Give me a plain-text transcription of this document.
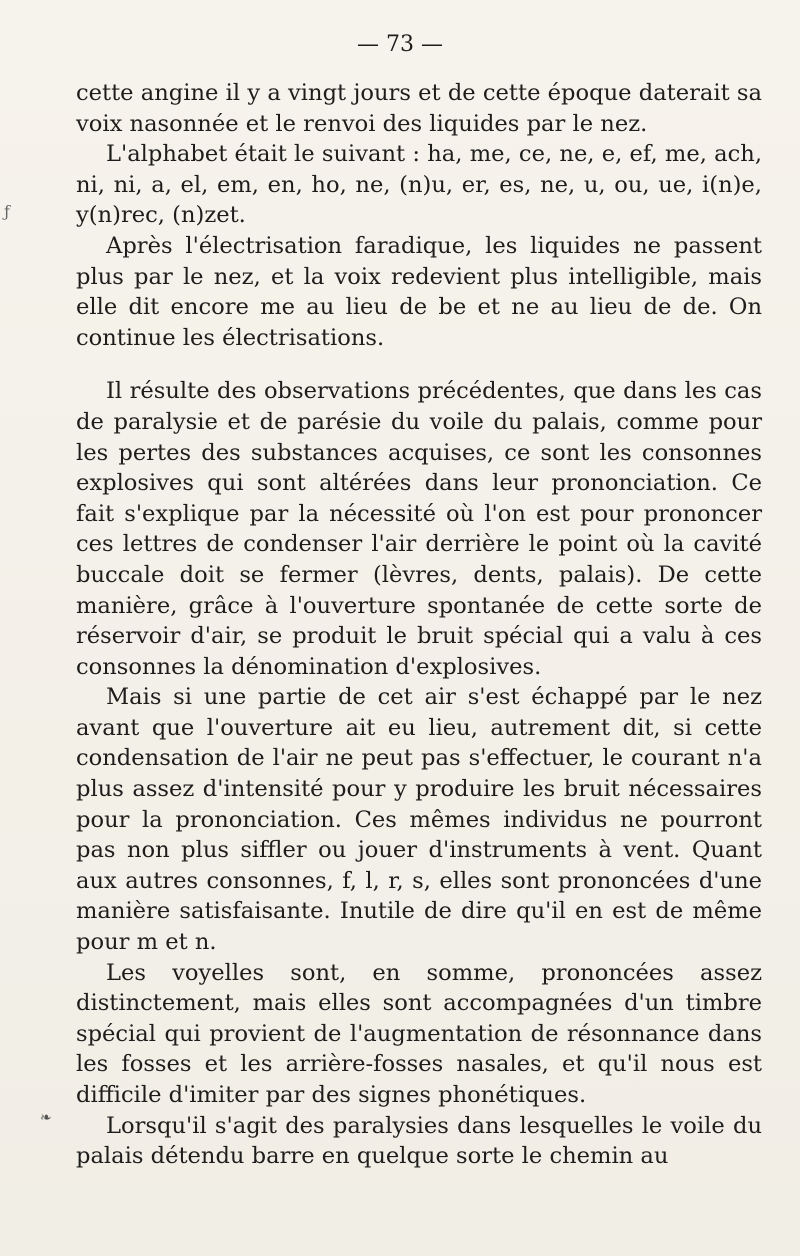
ƒ
❧
— 73 —

cette angine il y a vingt jours et de cette époque daterait sa voix nasonnée et le renvoi des liquides par le nez.

L'alphabet était le suivant : ha, me, ce, ne, e, ef, me, ach, ni, ni, a, el, em, en, ho, ne, (n)u, er, es, ne, u, ou, ue, i(n)e, y(n)rec, (n)zet.

Après l'électrisation faradique, les liquides ne passent plus par le nez, et la voix redevient plus intelligible, mais elle dit encore me au lieu de be et ne au lieu de de. On continue les électrisations.

Il résulte des observations précédentes, que dans les cas de paralysie et de parésie du voile du palais, comme pour les pertes des substances acquises, ce sont les consonnes explosives qui sont altérées dans leur prononciation. Ce fait s'explique par la nécessité où l'on est pour prononcer ces lettres de condenser l'air derrière le point où la cavité buccale doit se fermer (lèvres, dents, palais). De cette manière, grâce à l'ouverture spontanée de cette sorte de réservoir d'air, se produit le bruit spécial qui a valu à ces consonnes la dénomination d'explosives.

Mais si une partie de cet air s'est échappé par le nez avant que l'ouverture ait eu lieu, autrement dit, si cette condensation de l'air ne peut pas s'effectuer, le courant n'a plus assez d'intensité pour y produire les bruit nécessaires pour la prononciation. Ces mêmes individus ne pourront pas non plus siffler ou jouer d'instruments à vent. Quant aux autres consonnes, f, l, r, s, elles sont prononcées d'une manière satisfaisante. Inutile de dire qu'il en est de même pour m et n.

Les voyelles sont, en somme, prononcées assez distinctement, mais elles sont accompagnées d'un timbre spécial qui provient de l'augmentation de résonnance dans les fosses et les arrière-fosses nasales, et qu'il nous est difficile d'imiter par des signes phonétiques.

Lorsqu'il s'agit des paralysies dans lesquelles le voile du palais détendu barre en quelque sorte le chemin au
